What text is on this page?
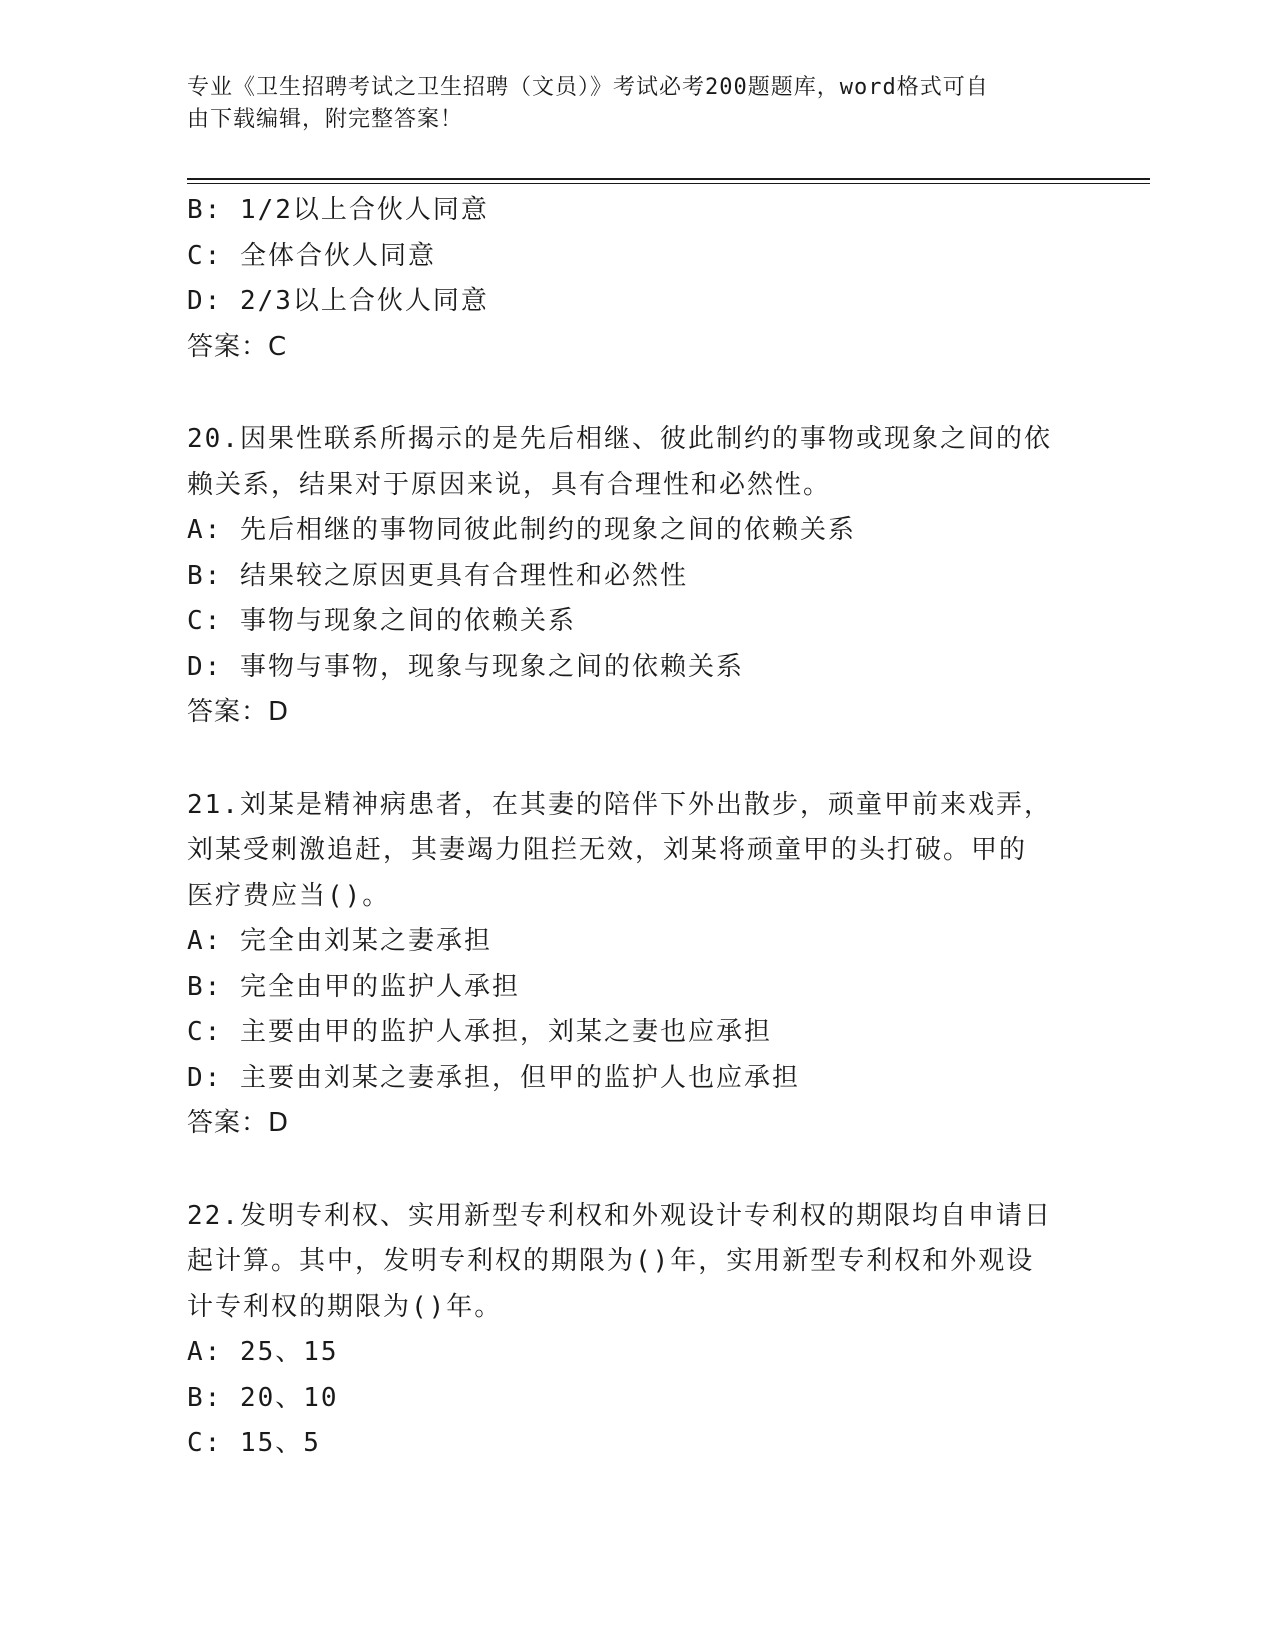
专业《卫生招聘考试之卫生招聘（文员）》考试必考200题题库，word格式可自
由下载编辑，附完整答案！
B: 1/2以上合伙人同意
C: 全体合伙人同意
D: 2/3以上合伙人同意
答案：C
20.因果性联系所揭示的是先后相继、彼此制约的事物或现象之间的依
赖关系，结果对于原因来说，具有合理性和必然性。
A: 先后相继的事物同彼此制约的现象之间的依赖关系
B: 结果较之原因更具有合理性和必然性
C: 事物与现象之间的依赖关系
D: 事物与事物，现象与现象之间的依赖关系
答案：D
21.刘某是精神病患者，在其妻的陪伴下外出散步，顽童甲前来戏弄，
刘某受刺激追赶，其妻竭力阻拦无效，刘某将顽童甲的头打破。甲的
医疗费应当()。
A: 完全由刘某之妻承担
B: 完全由甲的监护人承担
C: 主要由甲的监护人承担，刘某之妻也应承担
D: 主要由刘某之妻承担，但甲的监护人也应承担
答案：D
22.发明专利权、实用新型专利权和外观设计专利权的期限均自申请日
起计算。其中，发明专利权的期限为()年，实用新型专利权和外观设
计专利权的期限为()年。
A: 25、15
B: 20、10
C: 15、5
